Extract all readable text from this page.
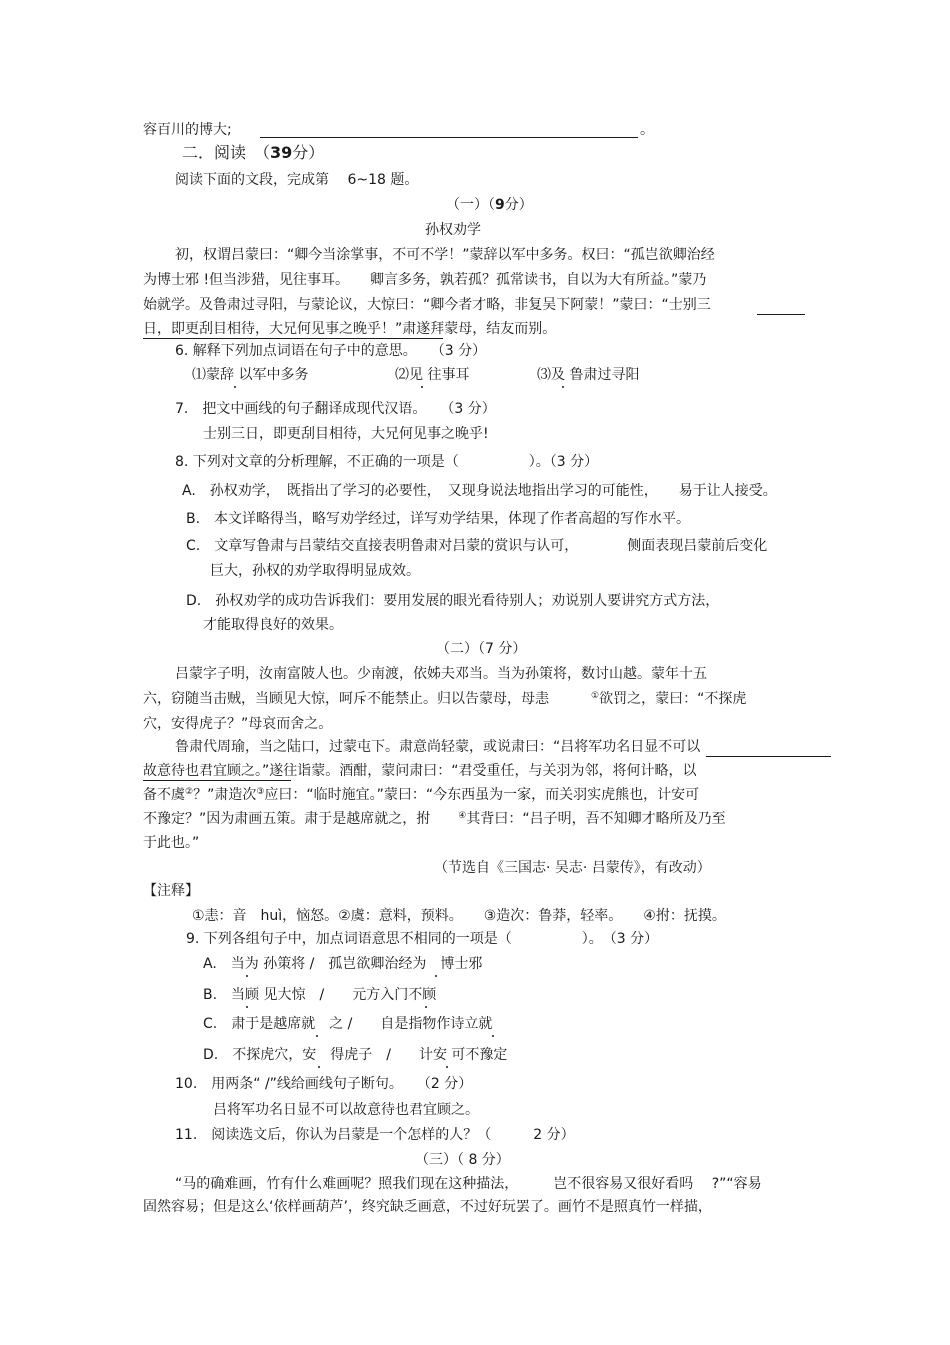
容百川的博大;	。
二．阅读　（39分）
阅读下面的文段，完成第　 6~18 题。
（一）（9分）
孙权劝学
初，权谓吕蒙曰：“卿今当涂掌事，不可不学！”蒙辞以军中多务。权曰：“孤岂欲卿治经
为博士邪 !但当涉猎，见往事耳。　　卿言多务，孰若孤？孤常读书，自以为大有所益。”蒙乃
始就学。及鲁肃过寻阳，与蒙论议，大惊曰：“卿今者才略，非复吴下阿蒙！”蒙曰：“士别三
日，即更刮目相待，大兄何见事之晚乎！”肃遂拜蒙母，结友而别。
6. 解释下列加点词语在句子中的意思。　　（3 分）
⑴蒙辞 以军中多务	⑵见 往事耳	⑶及 鲁肃过寻阳
7.　把文中画线的句子翻译成现代汉语。　　（3 分）
士别三日，即更刮目相待，大兄何见事之晚乎!
8. 下列对文章的分析理解，不正确的一项是（　　　　　）。（3 分）
A.　孙权劝学，　既指出了学习的必要性，　又现身说法地指出学习的可能性，　　易于让人接受。
B.　本文详略得当，略写劝学经过，详写劝学结果，体现了作者高超的写作水平。
C.　文章写鲁肃与吕蒙结交直接表明鲁肃对吕蒙的赏识与认可，　　　　侧面表现吕蒙前后变化
巨大，孙权的劝学取得明显成效。
D.　孙权劝学的成功告诉我们：要用发展的眼光看待别人；劝说别人要讲究方式方法，
才能取得良好的效果。
（二）（7 分）
吕蒙字子明，汝南富陂人也。少南渡，依姊夫邓当。当为孙策将，数讨山越。蒙年十五
六，窃随当击贼，当顾见大惊，呵斥不能禁止。归以告蒙母，母恚　　　①欲罚之，蒙曰：“不探虎
穴，安得虎子？”母哀而舍之。
鲁肃代周瑜，当之陆口，过蒙屯下。肃意尚轻蒙，或说肃曰：“吕将军功名日显不可以
故意待也君宜顾之。”遂往诣蒙。酒酣，蒙问肃曰：“君受重任，与关羽为邻，将何计略，以
备不虞②？”肃造次③应曰：“临时施宜。”蒙曰：“今东西虽为一家，而关羽实虎熊也，计安可
不豫定？”因为肃画五策。肃于是越席就之，拊　　④其背曰：“吕子明，吾不知卿才略所及乃至
于此也。”
（节选自《三国志· 吴志· 吕蒙传》，有改动）
【注释】
①恚：音　huì，恼怒。②虞：意料，预料。　　③造次：鲁莽，轻率。　　④拊：抚摸。
9. 下列各组句子中，加点词语意思不相同的一项是（　　　　　）。　（3 分）
A.　当为 孙策将 /　孤岂欲卿治经为　博士邪
B.　当顾 见大惊　/　　元方入门不顾
C.　肃于是越席就　之 /　　自是指物作诗立就
D.　不探虎穴，安　得虎子　/　　计安 可不豫定
10.　用两条“ /”线给画线句子断句。　　（2 分）
吕将军功名日显不可以故意待也君宜顾之。
11.　阅读选文后，你认为吕蒙是一个怎样的人？（　　　2 分）
（三）（ 8 分）
“马的确难画，竹有什么难画呢？照我们现在这种描法，　　　岂不很容易又很好看吗　 ?”“容易
固然容易；但是这么‘依样画葫芦’，终究缺乏画意，不过好玩罢了。画竹不是照真竹一样描，
